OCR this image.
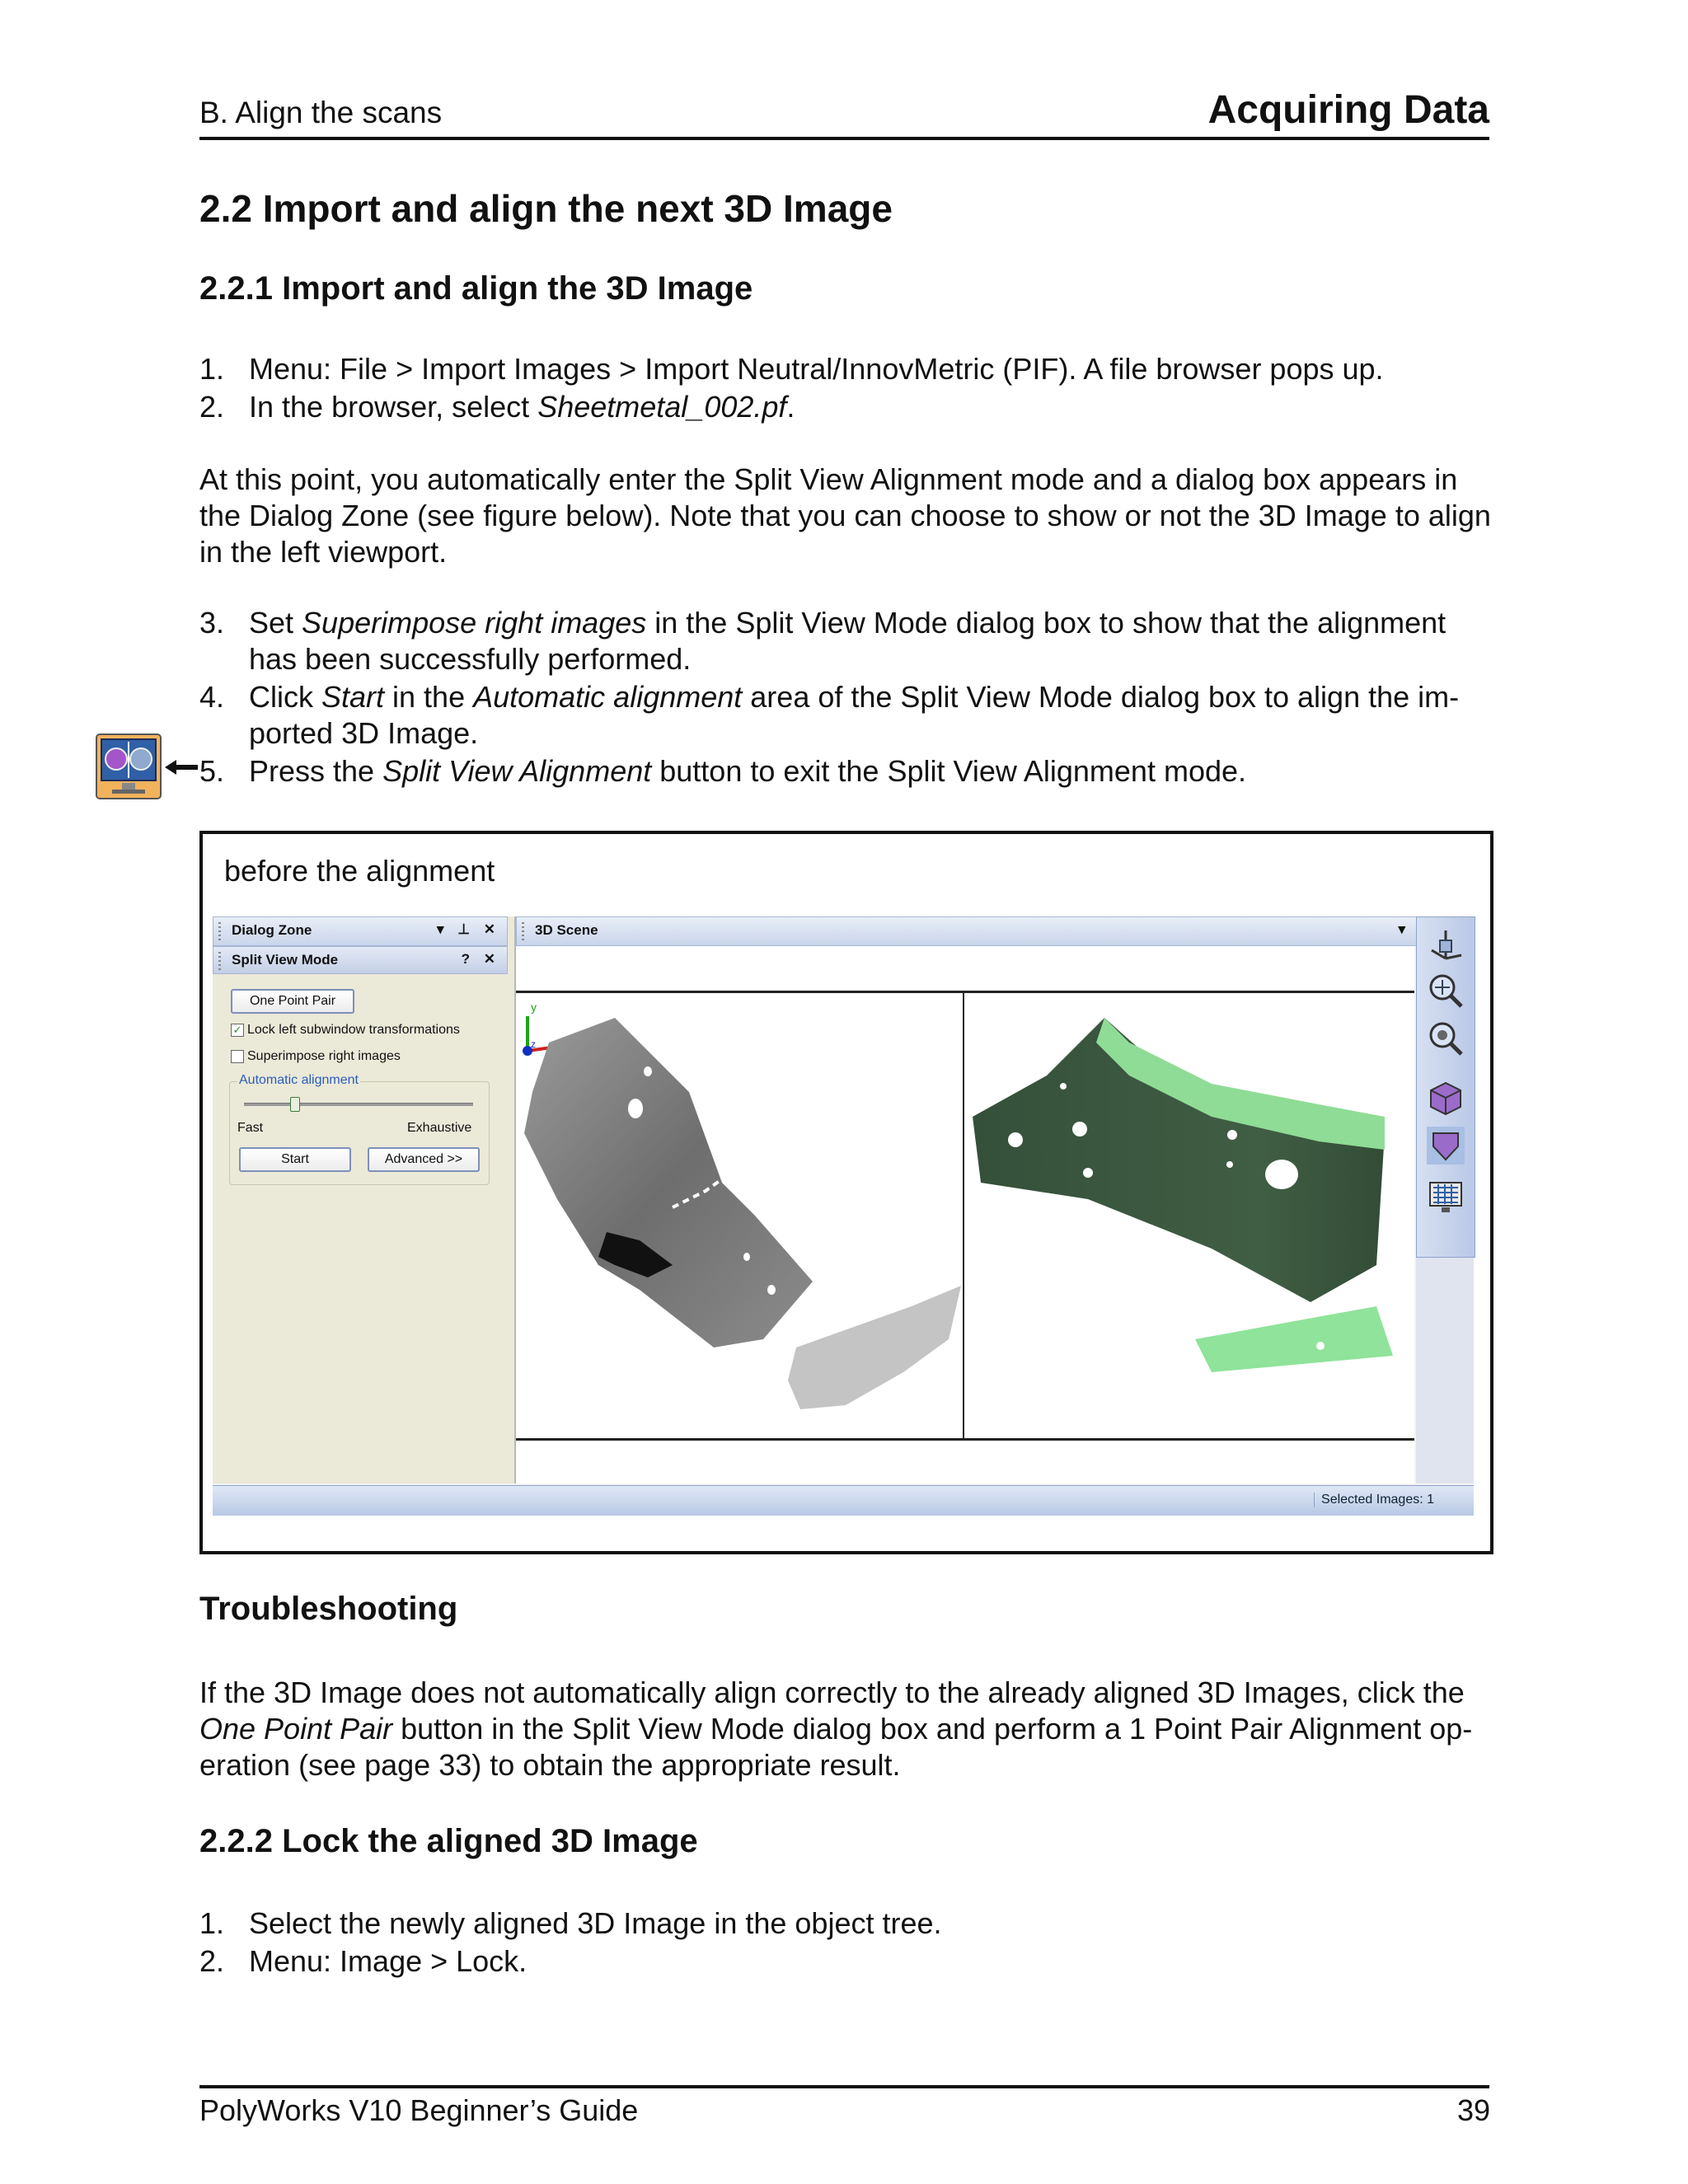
B. Align the scans	Acquiring Data
2.2 Import and align the next 3D Image
2.2.1 Import and align the 3D Image
1. Menu: File > Import Images > Import Neutral/InnovMetric (PIF). A file browser pops up.
2. In the browser, select Sheetmetal_002.pf.
At this point, you automatically enter the Split View Alignment mode and a dialog box appears in the Dialog Zone (see figure below). Note that you can choose to show or not the 3D Image to align in the left viewport.
3. Set Superimpose right images in the Split View Mode dialog box to show that the alignment has been successfully performed.
4. Click Start in the Automatic alignment area of the Split View Mode dialog box to align the im-ported 3D Image.
5. Press the Split View Alignment button to exit the Split View Alignment mode.
before the alignment
Dialog Zone	▾ ⊥ ✕
Split View Mode	? ✕
One Point Pair
✓ Lock left subwindow transformations
Superimpose right images
Automatic alignment
Fast	Exhaustive
Start	Advanced >>
3D Scene	▾
y
z
Selected Images: 1
Troubleshooting
If the 3D Image does not automatically align correctly to the already aligned 3D Images, click the One Point Pair button in the Split View Mode dialog box and perform a 1 Point Pair Alignment op-eration (see page 33) to obtain the appropriate result.
2.2.2 Lock the aligned 3D Image
1. Select the newly aligned 3D Image in the object tree.
2. Menu: Image > Lock.
PolyWorks V10 Beginner’s Guide	39
